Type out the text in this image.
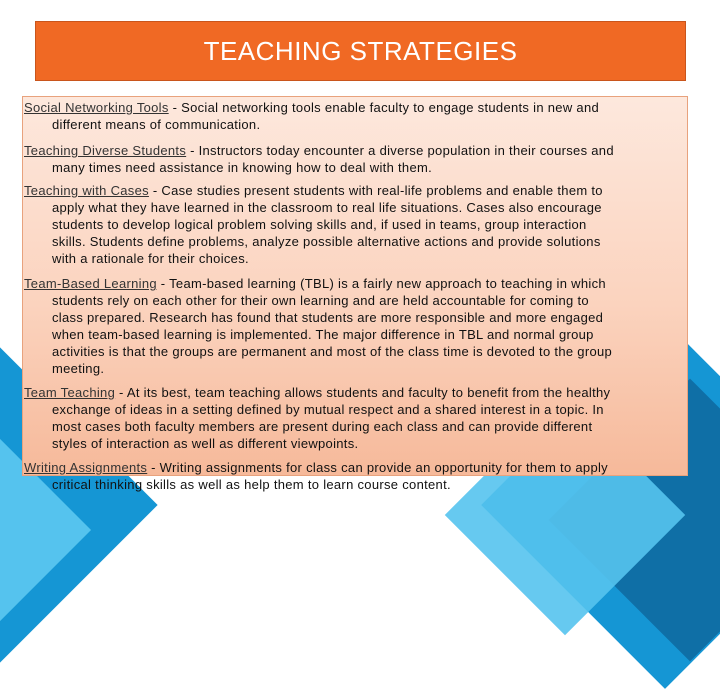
TEACHING STRATEGIES
Social Networking Tools - Social networking tools enable faculty to engage students in new and
different means of communication.
Teaching Diverse Students - Instructors today encounter a diverse population in their courses and
many times need assistance in knowing how to deal with them.
Teaching with Cases - Case studies present students with real-life problems and enable them to
apply what they have learned in the classroom to real life situations. Cases also encourage
students to develop logical problem solving skills and, if used in teams, group interaction
skills. Students define problems, analyze possible alternative actions and provide solutions
with a rationale for their choices.
Team-Based Learning - Team-based learning (TBL) is a fairly new approach to teaching in which
students rely on each other for their own learning and are held accountable for coming to
class prepared. Research has found that students are more responsible and more engaged
when team-based learning is implemented. The major difference in TBL and normal group
activities is that the groups are permanent and most of the class time is devoted to the group
meeting.
Team Teaching - At its best, team teaching allows students and faculty to benefit from the healthy
exchange of ideas in a setting defined by mutual respect and a shared interest in a topic. In
most cases both faculty members are present during each class and can provide different
styles of interaction as well as different viewpoints.
Writing Assignments - Writing assignments for class can provide an opportunity for them to apply
critical thinking skills as well as help them to learn course content.
